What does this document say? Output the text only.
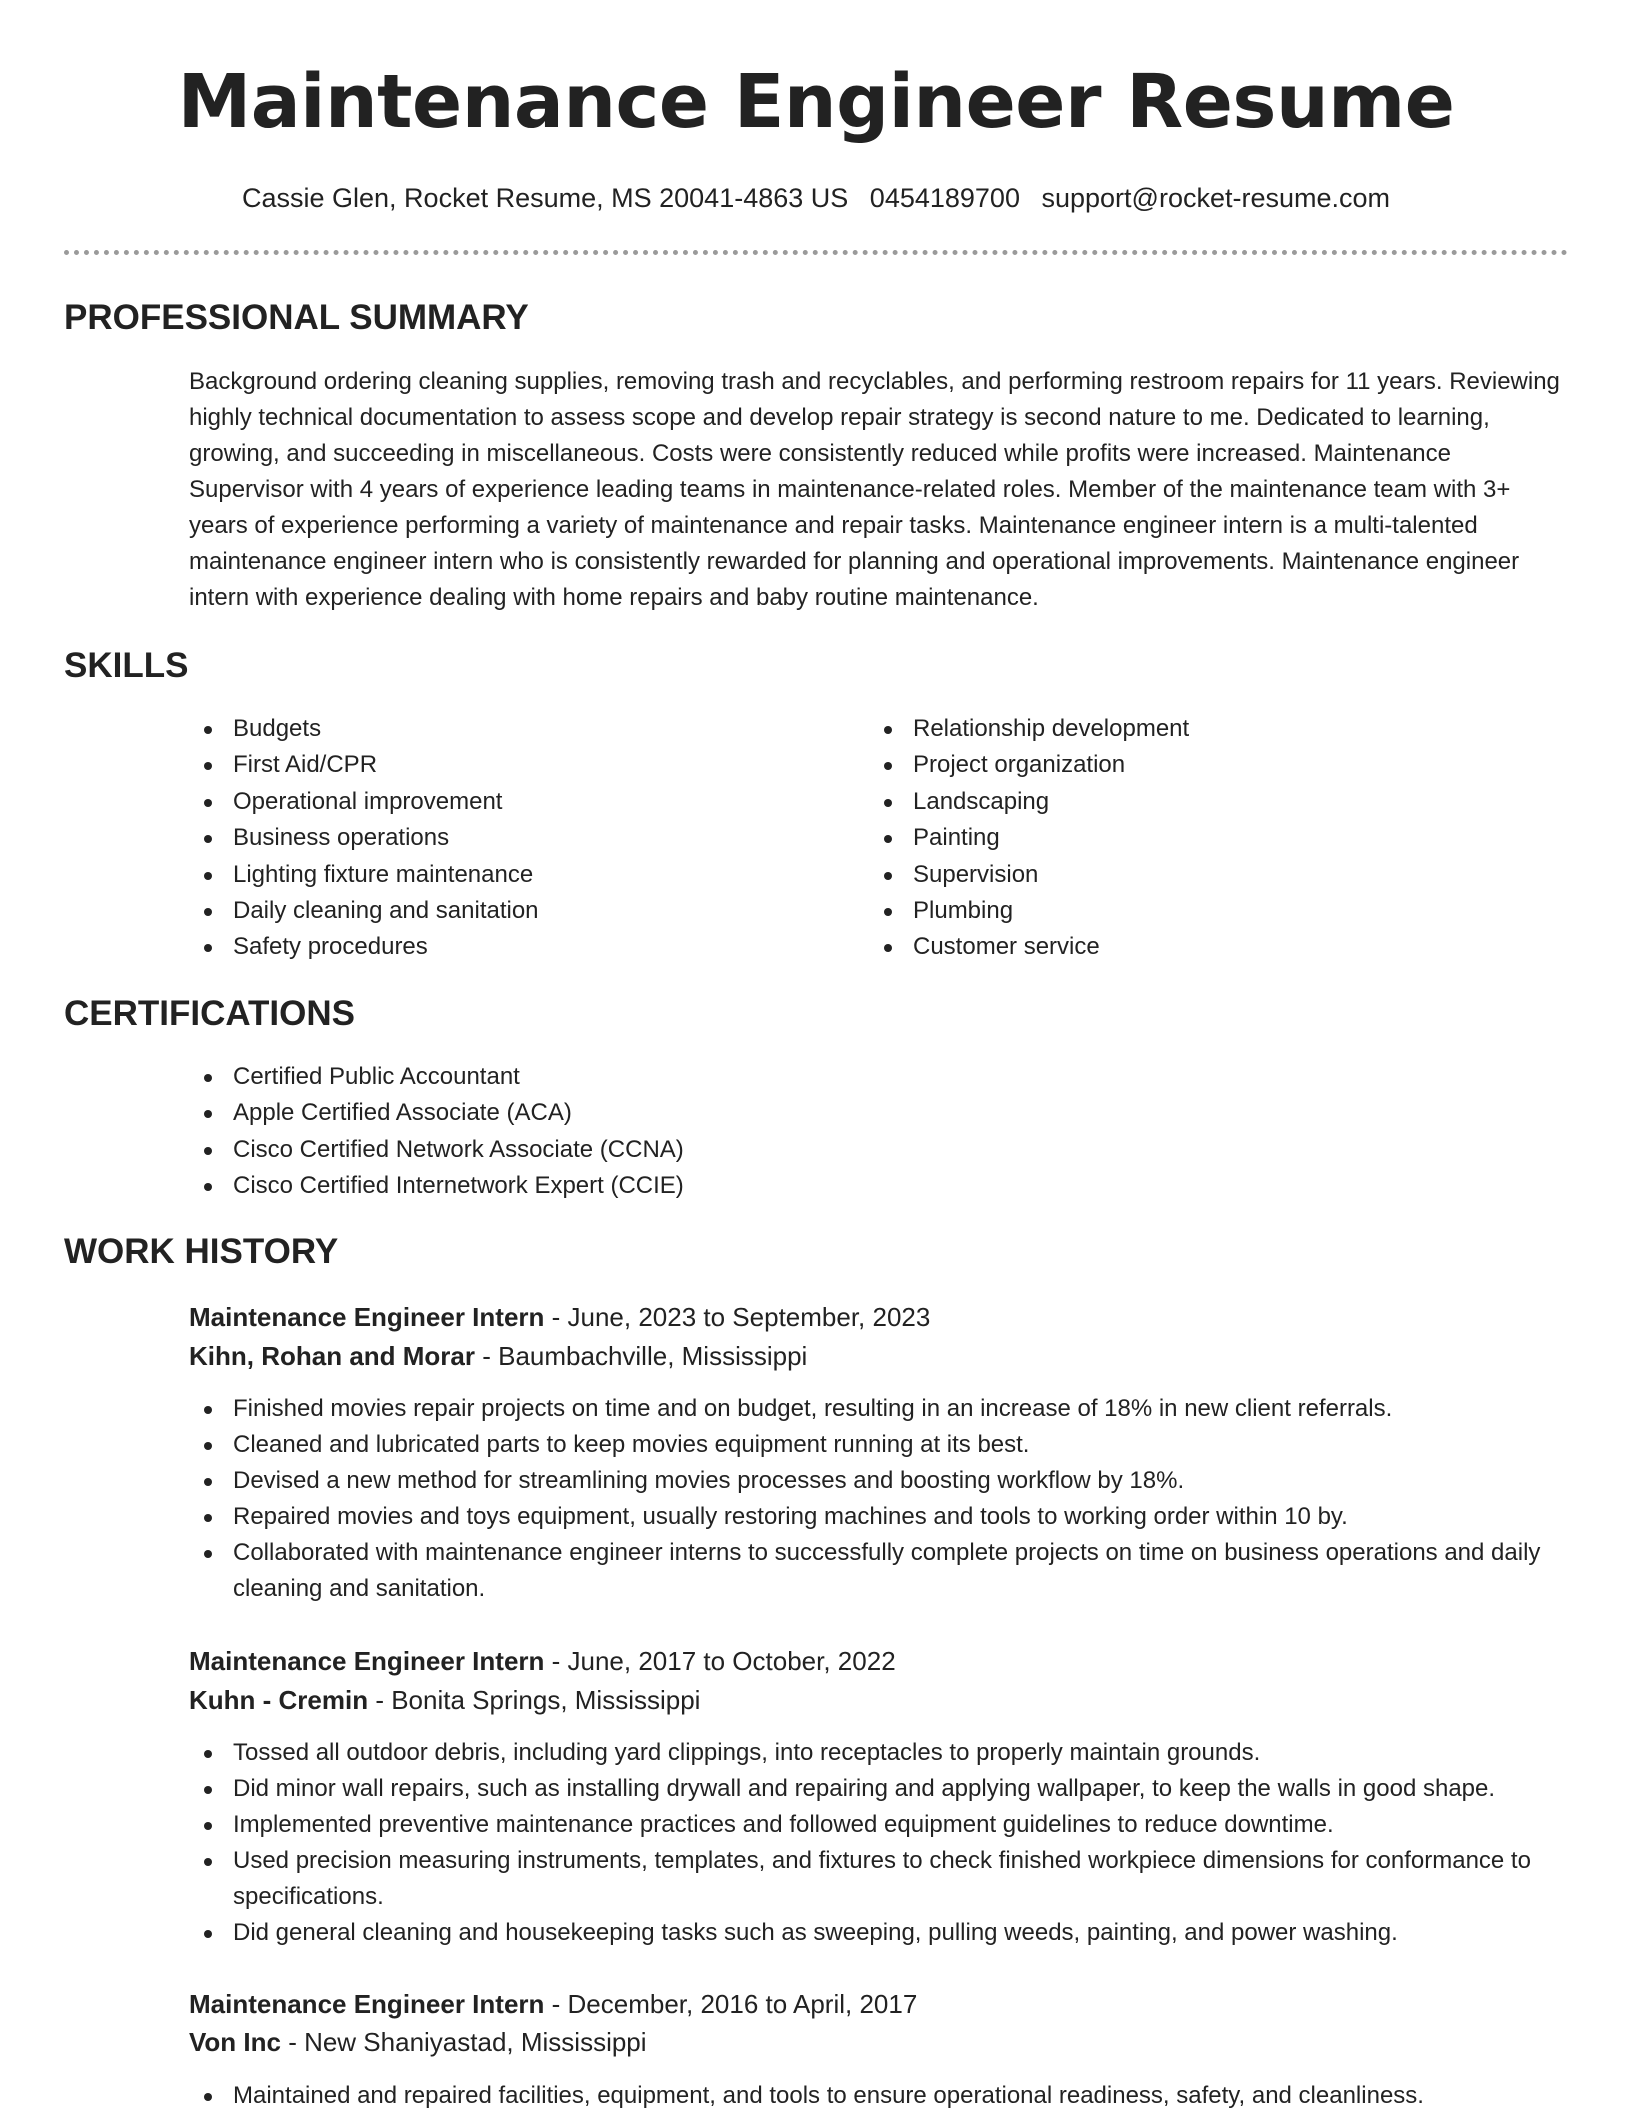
Maintenance Engineer Resume
Cassie Glen, Rocket Resume, MS 20041-4863 US 0454189700 support@rocket-resume.com
PROFESSIONAL SUMMARY
Background ordering cleaning supplies, removing trash and recyclables, and performing restroom repairs for 11 years. Reviewing highly technical documentation to assess scope and develop repair strategy is second nature to me. Dedicated to learning, growing, and succeeding in miscellaneous. Costs were consistently reduced while profits were increased. Maintenance Supervisor with 4 years of experience leading teams in maintenance-related roles. Member of the maintenance team with 3+ years of experience performing a variety of maintenance and repair tasks. Maintenance engineer intern is a multi-talented maintenance engineer intern who is consistently rewarded for planning and operational improvements. Maintenance engineer intern with experience dealing with home repairs and baby routine maintenance.
SKILLS
Budgets
First Aid/CPR
Operational improvement
Business operations
Lighting fixture maintenance
Daily cleaning and sanitation
Safety procedures
Relationship development
Project organization
Landscaping
Painting
Supervision
Plumbing
Customer service
CERTIFICATIONS
Certified Public Accountant
Apple Certified Associate (ACA)
Cisco Certified Network Associate (CCNA)
Cisco Certified Internetwork Expert (CCIE)
WORK HISTORY
Maintenance Engineer Intern - June, 2023 to September, 2023
Kihn, Rohan and Morar - Baumbachville, Mississippi
Finished movies repair projects on time and on budget, resulting in an increase of 18% in new client referrals.
Cleaned and lubricated parts to keep movies equipment running at its best.
Devised a new method for streamlining movies processes and boosting workflow by 18%.
Repaired movies and toys equipment, usually restoring machines and tools to working order within 10 by.
Collaborated with maintenance engineer interns to successfully complete projects on time on business operations and daily cleaning and sanitation.
Maintenance Engineer Intern - June, 2017 to October, 2022
Kuhn - Cremin - Bonita Springs, Mississippi
Tossed all outdoor debris, including yard clippings, into receptacles to properly maintain grounds.
Did minor wall repairs, such as installing drywall and repairing and applying wallpaper, to keep the walls in good shape.
Implemented preventive maintenance practices and followed equipment guidelines to reduce downtime.
Used precision measuring instruments, templates, and fixtures to check finished workpiece dimensions for conformance to specifications.
Did general cleaning and housekeeping tasks such as sweeping, pulling weeds, painting, and power washing.
Maintenance Engineer Intern - December, 2016 to April, 2017
Von Inc - New Shaniyastad, Mississippi
Maintained and repaired facilities, equipment, and tools to ensure operational readiness, safety, and cleanliness.
